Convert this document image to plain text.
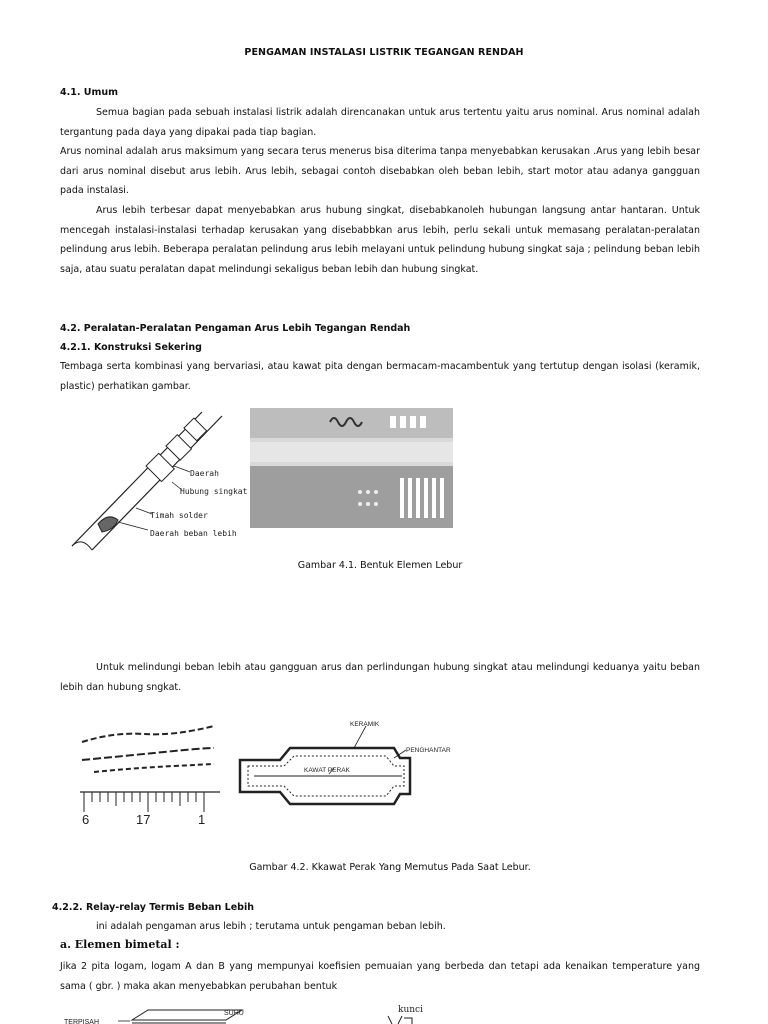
PENGAMAN INSTALASI LISTRIK TEGANGAN RENDAH
4.1. Umum

Semua bagian pada sebuah instalasi listrik adalah direncanakan untuk arus tertentu yaitu arus nominal. Arus nominal adalah tergantung pada daya yang dipakai pada tiap bagian.

Arus nominal adalah arus maksimum yang secara terus menerus bisa diterima tanpa menyebabkan kerusakan .Arus yang lebih besar dari arus nominal disebut arus lebih. Arus lebih, sebagai contoh disebabkan oleh beban lebih, start motor atau adanya gangguan pada instalasi.

Arus lebih terbesar dapat menyebabkan arus hubung singkat, disebabkanoleh hubungan langsung antar hantaran. Untuk mencegah instalasi-instalasi terhadap kerusakan yang disebabbkan arus lebih, perlu sekali untuk memasang peralatan-peralatan pelindung arus lebih. Beberapa peralatan pelindung arus lebih melayani untuk pelindung hubung singkat saja ; pelindung beban lebih saja, atau suatu peralatan dapat melindungi sekaligus beban lebih dan hubung singkat.

4.2. Peralatan-Peralatan Pengaman Arus Lebih Tegangan Rendah
4.2.1. Konstruksi Sekering

Tembaga serta kombinasi yang bervariasi, atau kawat pita dengan bermacam-macambentuk yang tertutup dengan isolasi (keramik, plastic) perhatikan gambar.

Daerah
Hubung singkat
Timah solder
Daerah beban lebih
Gambar 4.1. Bentuk Elemen Lebur

Untuk melindungi beban lebih atau gangguan arus dan perlindungan hubung singkat atau melindungi keduanya yaitu beban lebih dan hubung sngkat.

6	17	1
KERAMIK
PENGHANTAR
KAWAT PERAK
Gambar 4.2. Kkawat Perak Yang Memutus Pada Saat Lebur.
4.2.2. Relay-relay Termis Beban Lebih
ini adalah pengaman arus lebih ; terutama untuk pengaman beban lebih.
a. Elemen bimetal :

Jika 2 pita logam, logam A dan B yang mempunyai koefisien pemuaian yang berbeda dan tetapi ada kenaikan temperature yang sama ( gbr. ) maka akan menyebabkan perubahan bentuk

TERPISAH
SUHU	kunci
